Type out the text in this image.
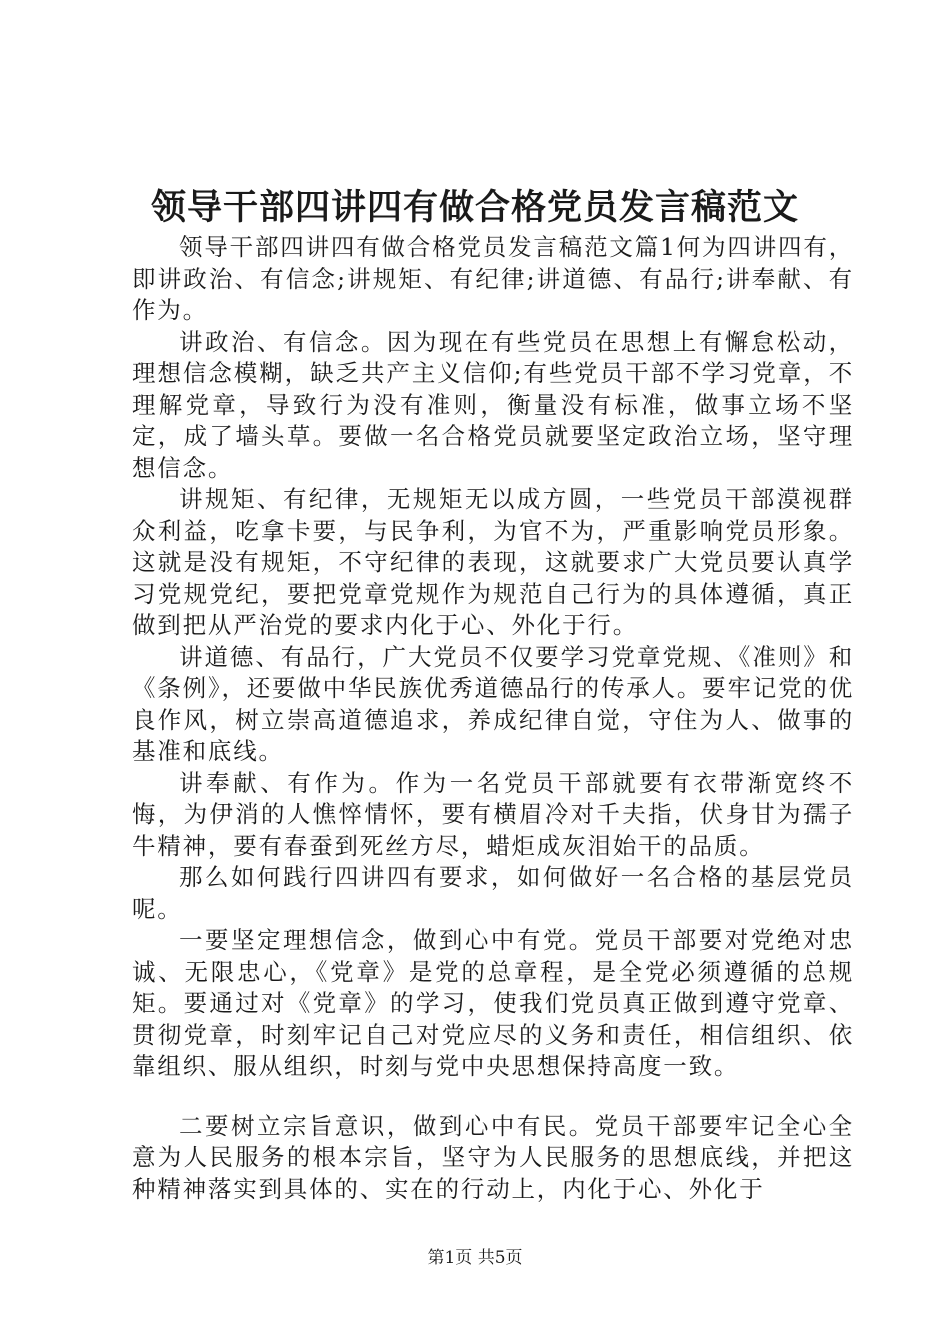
领导干部四讲四有做合格党员发言稿范文

领导干部四讲四有做合格党员发言稿范文篇1何为四讲四有，即讲政治、有信念;讲规矩、有纪律;讲道德、有品行;讲奉献、有作为。

讲政治、有信念。因为现在有些党员在思想上有懈怠松动，理想信念模糊，缺乏共产主义信仰;有些党员干部不学习党章，不理解党章，导致行为没有准则，衡量没有标准，做事立场不坚定，成了墙头草。要做一名合格党员就要坚定政治立场，坚守理想信念。

讲规矩、有纪律，无规矩无以成方圆，一些党员干部漠视群众利益，吃拿卡要，与民争利，为官不为，严重影响党员形象。这就是没有规矩，不守纪律的表现，这就要求广大党员要认真学习党规党纪，要把党章党规作为规范自己行为的具体遵循，真正做到把从严治党的要求内化于心、外化于行。

讲道德、有品行，广大党员不仅要学习党章党规、《准则》和《条例》，还要做中华民族优秀道德品行的传承人。要牢记党的优良作风，树立崇高道德追求，养成纪律自觉，守住为人、做事的基准和底线。

讲奉献、有作为。作为一名党员干部就要有衣带渐宽终不悔，为伊消的人憔悴情怀，要有横眉冷对千夫指，伏身甘为孺子牛精神，要有春蚕到死丝方尽，蜡炬成灰泪始干的品质。

那么如何践行四讲四有要求，如何做好一名合格的基层党员呢。

一要坚定理想信念，做到心中有党。党员干部要对党绝对忠诚、无限忠心，《党章》是党的总章程，是全党必须遵循的总规矩。要通过对《党章》的学习，使我们党员真正做到遵守党章、贯彻党章，时刻牢记自己对党应尽的义务和责任，相信组织、依靠组织、服从组织，时刻与党中央思想保持高度一致。

二要树立宗旨意识，做到心中有民。党员干部要牢记全心全意为人民服务的根本宗旨，坚守为人民服务的思想底线，并把这种精神落实到具体的、实在的行动上，内化于心、外化于

第1页 共5页
